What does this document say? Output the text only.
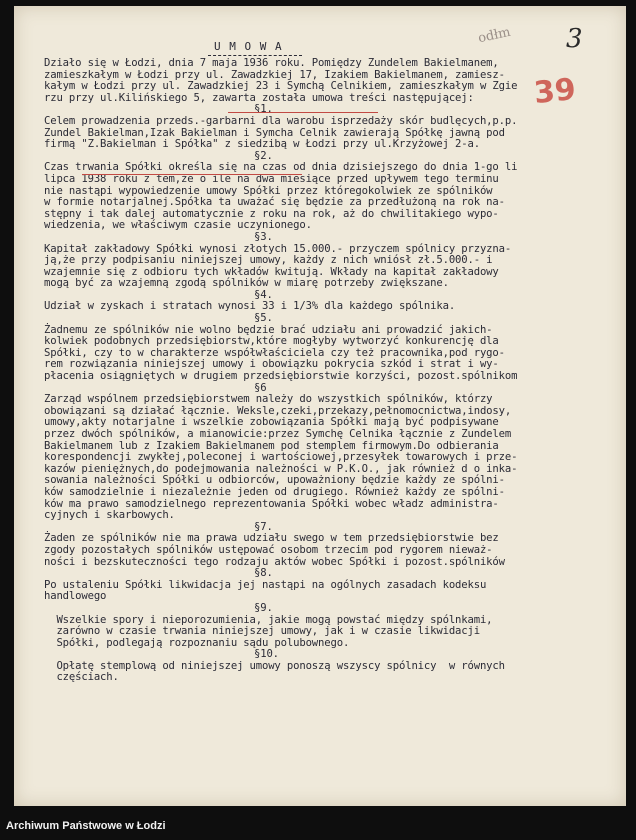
odłm 3
39
U M O W A
Działo się w Łodzi, dnia 7 maja 1936 roku. Pomiędzy Zundelem Bakielmanem,
zamieszkałym w Łodzi przy ul. Zawadzkiej 17, Izakiem Bakielmanem, zamiesz-
kałym w Łodzi przy ul. Zawadzkiej 23 i Symchą Celnikiem, zamieszkałym w Zgie
rzu przy ul.Kilińskiego 5, zawarta została umowa treści następującej:
§1.
Celem prowadzenia przeds.-garbarni dla warobu isprzedaży skór budlęcych,p.p.
Zundel Bakielman,Izak Bakielman i Symcha Celnik zawierają Spółkę jawną pod
firmą "Z.Bakielman i Spółka" z siedzibą w Łodzi przy ul.Krzyżowej 2-a.
§2.
Czas trwania Spółki określa się na czas od dnia dzisiejszego do dnia 1-go li
lipca 1938 roku z tem,że o ile na dwa miesiące przed upływem tego terminu
nie nastąpi wypowiedzenie umowy Spółki przez któregokolwiek ze spólników
w formie notarjalnej.Spółka ta uważać się będzie za przedłużoną na rok na-
stępny i tak dalej automatycznie z roku na rok, aż do chwilitakiego wypo-
wiedzenia, we właściwym czasie uczynionego.
§3.
Kapitał zakładowy Spółki wynosi złotych 15.000.- przyczem spólnicy przyzna-
ją,że przy podpisaniu niniejszej umowy, każdy z nich wniósł zł.5.000.- i
wzajemnie się z odbioru tych wkładów kwitują. Wkłady na kapitał zakładowy
mogą być za wzajemną zgodą spólników w miarę potrzeby zwiększane.
§4.
Udział w zyskach i stratach wynosi 33 i 1/3% dla każdego spólnika.
§5.
Żadnemu ze spólników nie wolno będzie brać udziału ani prowadzić jakich-
kolwiek podobnych przedsiębiorstw,które mogłyby wytworzyć konkurencję dla
Spółki, czy to w charakterze współwłaściciela czy też pracownika,pod rygo-
rem rozwiązania niniejszej umowy i obowiązku pokrycia szkód i strat i wy-
płacenia osiągniętych w drugiem przedsiębiorstwie korzyści, pozost.spólnikom
§6
Zarząd wspólnem przedsiębiorstwem należy do wszystkich spólników, którzy
obowiązani są działać łącznie. Weksle,czeki,przekazy,pełnomocnictwa,indosy,
umowy,akty notarjalne i wszelkie zobowiązania Spółki mają być podpisywane
przez dwóch spólników, a mianowicie:przez Symchę Celnika łącznie z Zundelem
Bakielmanem lub z Izakiem Bakielmanem pod stemplem firmowym.Do odbierania
korespondencji zwykłej,poleconej i wartościowej,przesyłek towarowych i prze-
kazów pieniężnych,do podejmowania należności w P.K.O., jak również d o inka-
sowania należności Spółki u odbiorców, upoważniony będzie każdy ze spólni-
ków samodzielnie i niezależnie jeden od drugiego. Również każdy ze spólni-
ków ma prawo samodzielnego reprezentowania Spółki wobec władz administra-
cyjnych i skarbowych.
§7.
Żaden ze spólników nie ma prawa udziału swego w tem przedsiębiorstwie bez
zgody pozostałych spólników ustępować osobom trzecim pod rygorem nieważ-
ności i bezskuteczności tego rodzaju aktów wobec Spółki i pozost.spólników
§8.
Po ustaleniu Spółki likwidacja jej nastąpi na ogólnych zasadach kodeksu
handlowego
§9.
Wszelkie spory i nieporozumienia, jakie mogą powstać między spólnkami,
zarówno w czasie trwania niniejszej umowy, jak i w czasie likwidacji
Spółki, podlegają rozpoznaniu sądu polubownego.
§10.
Opłatę stemplową od niniejszej umowy ponoszą wszyscy spólnicy  w równych
częściach.
Archiwum Państwowe w Łodzi
